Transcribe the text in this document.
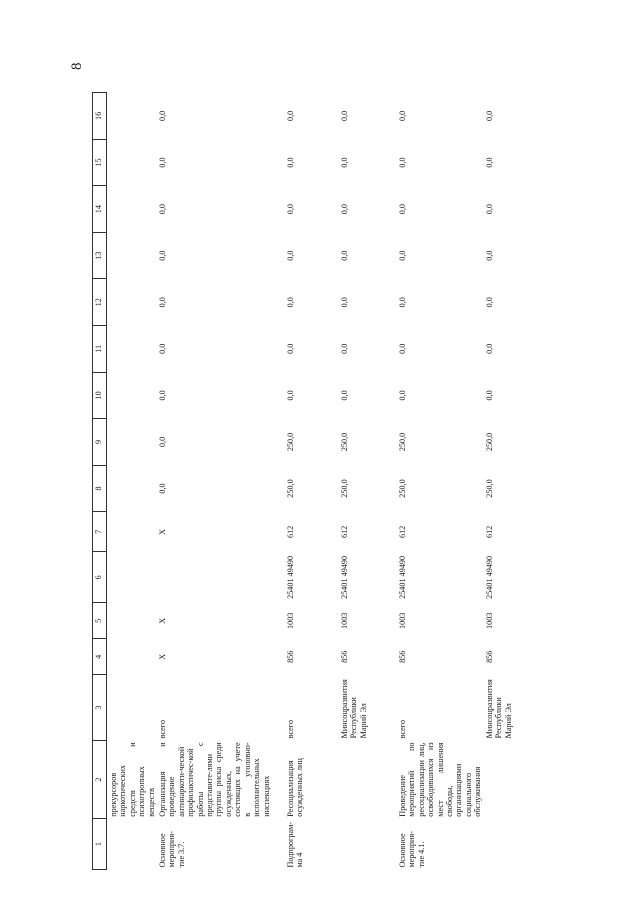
8
1	2	3	4	5	6	7	8	9	10	11	12	13	14	15	16
	прекурсоров наркотических средств и психотропных веществ														
Основное мероприя-тие 3.7.	Организация и проведение антинаркоти-ческой профилактичес-кой работы с представите-лями группы риска среди осужденных, состоящих на учете в уголовно-исполнительных инспекциях	всего	Х	Х		Х	0,0	0,0	0,0	0,0	0,0	0,0	0,0	0,0	0,0
Подпрограм-ма 4	Ресоциализация осужденных лиц	всего	856	1003	25401 49490	612	250,0	250,0	0,0	0,0	0,0	0,0	0,0	0,0	0,0
		Минсоцразвития Республики Марий Эл	856	1003	25401 49490	612	250,0	250,0	0,0	0,0	0,0	0,0	0,0	0,0	0,0
Основное мероприя-тие 4.1.	Проведение мероприятий по ресоциализации лиц, освободившихся из мест лишения свободы, организациями социального обслуживания	всего	856	1003	25401 49490	612	250,0	250,0	0,0	0,0	0,0	0,0	0,0	0,0	0,0
		Минсоцразвития Республики Марий Эл	856	1003	25401 49490	612	250,0	250,0	0,0	0,0	0,0	0,0	0,0	0,0	0,0
